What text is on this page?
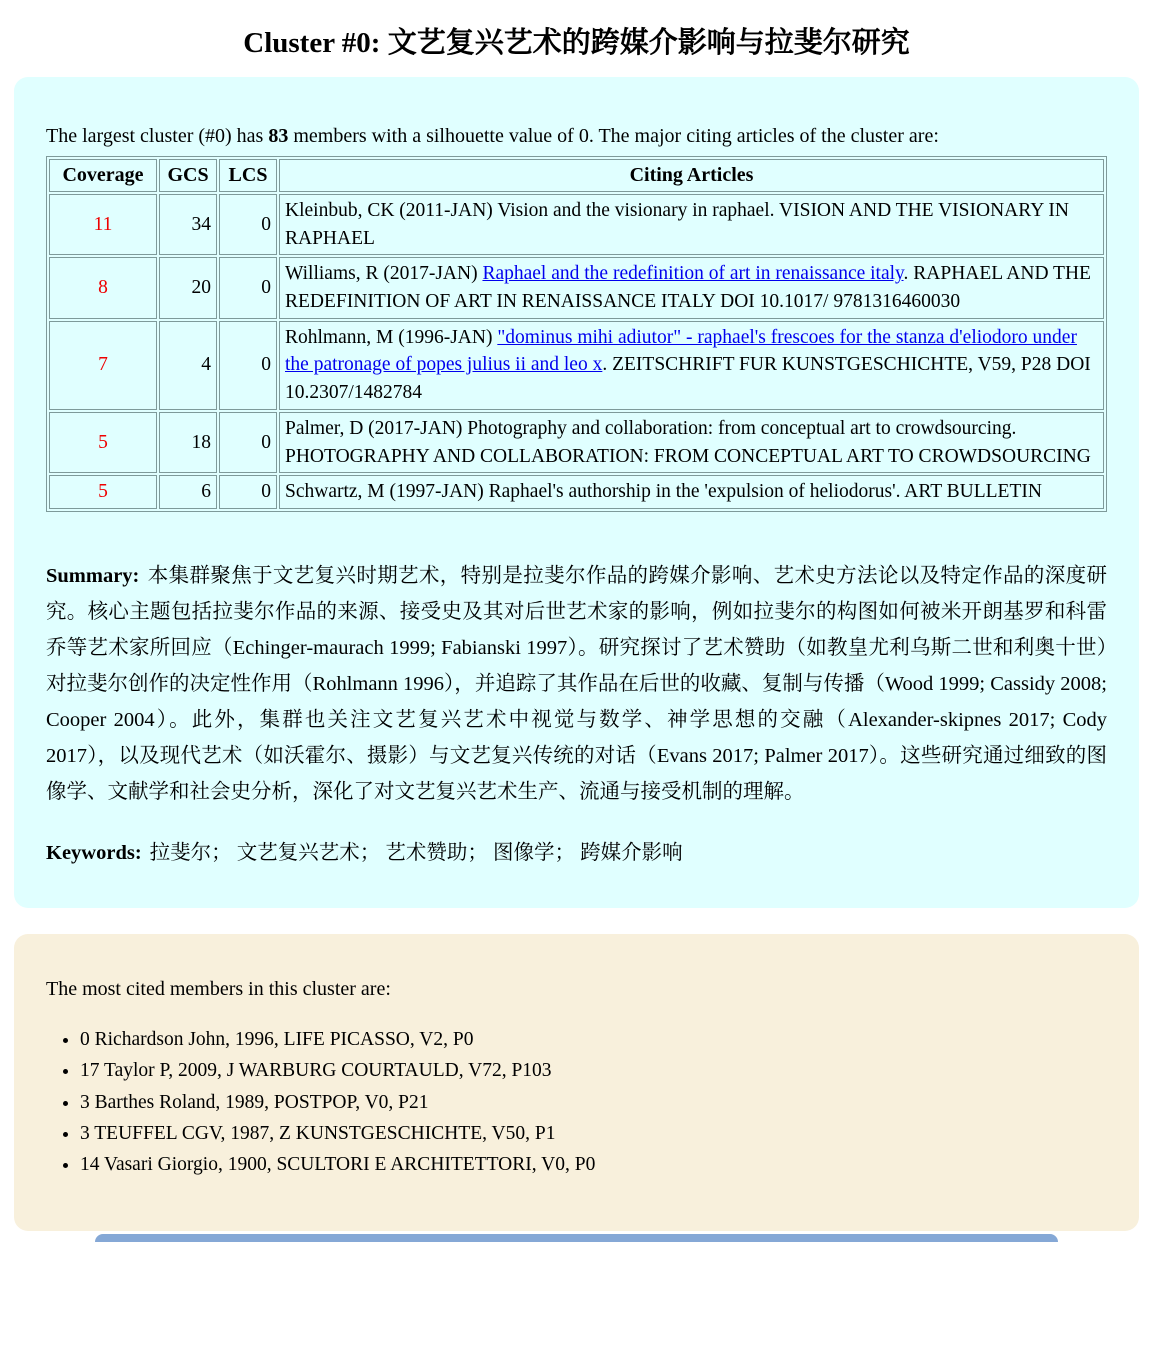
Cluster #0: 文艺复兴艺术的跨媒介影响与拉斐尔研究

The largest cluster (#0) has 83 members with a silhouette value of 0. The major citing articles of the cluster are:

Coverage	GCS	LCS	Citing Articles
11	34	0	Kleinbub, CK (2011-JAN) Vision and the visionary in raphael. VISION AND THE VISIONARY IN RAPHAEL
8	20	0	Williams, R (2017-JAN) Raphael and the redefinition of art in renaissance italy. RAPHAEL AND THE REDEFINITION OF ART IN RENAISSANCE ITALY DOI 10.1017/ 9781316460030
7	4	0	Rohlmann, M (1996-JAN) "dominus mihi adiutor" - raphael's frescoes for the stanza d'eliodoro under the patronage of popes julius ii and leo x. ZEITSCHRIFT FUR KUNSTGESCHICHTE, V59, P28 DOI 10.2307/1482784
5	18	0	Palmer, D (2017-JAN) Photography and collaboration: from conceptual art to crowdsourcing. PHOTOGRAPHY AND COLLABORATION: FROM CONCEPTUAL ART TO CROWDSOURCING
5	6	0	Schwartz, M (1997-JAN) Raphael's authorship in the 'expulsion of heliodorus'. ART BULLETIN

Summary: 本集群聚焦于文艺复兴时期艺术，特别是拉斐尔作品的跨媒介影响、艺术史方法论以及特定作品的深度研究。核心主题包括拉斐尔作品的来源、接受史及其对后世艺术家的影响，例如拉斐尔的构图如何被米开朗基罗和科雷乔等艺术家所回应（Echinger-maurach 1999; Fabianski 1997）。研究探讨了艺术赞助（如教皇尤利乌斯二世和利奥十世）对拉斐尔创作的决定性作用（Rohlmann 1996），并追踪了其作品在后世的收藏、复制与传播（Wood 1999; Cassidy 2008; Cooper 2004）。此外，集群也关注文艺复兴艺术中视觉与数学、神学思想的交融（Alexander-skipnes 2017; Cody 2017），以及现代艺术（如沃霍尔、摄影）与文艺复兴传统的对话（Evans 2017; Palmer 2017）。这些研究通过细致的图像学、文献学和社会史分析，深化了对文艺复兴艺术生产、流通与接受机制的理解。

Keywords: 拉斐尔； 文艺复兴艺术； 艺术赞助； 图像学； 跨媒介影响

The most cited members in this cluster are:

• 0 Richardson John, 1996, LIFE PICASSO, V2, P0
• 17 Taylor P, 2009, J WARBURG COURTAULD, V72, P103
• 3 Barthes Roland, 1989, POSTPOP, V0, P21
• 3 TEUFFEL CGV, 1987, Z KUNSTGESCHICHTE, V50, P1
• 14 Vasari Giorgio, 1900, SCULTORI E ARCHITETTORI, V0, P0
